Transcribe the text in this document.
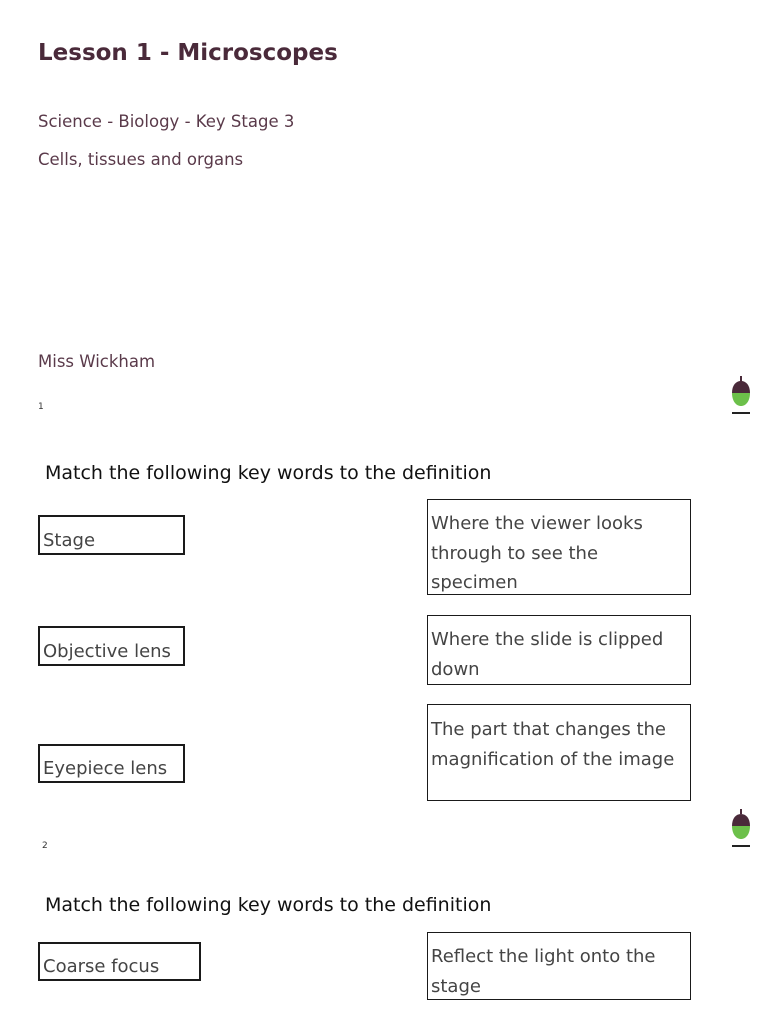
Lesson 1 - Microscopes
Science - Biology - Key Stage 3
Cells, tissues and organs
Miss Wickham
1
Match the following key words to the definition
Stage
Objective lens
Eyepiece lens
Where the viewer looks through to see the specimen
Where the slide is clipped down
The part that changes the magnification of the image
2
Match the following key words to the definition
Coarse focus	Reflect the light onto the stage
